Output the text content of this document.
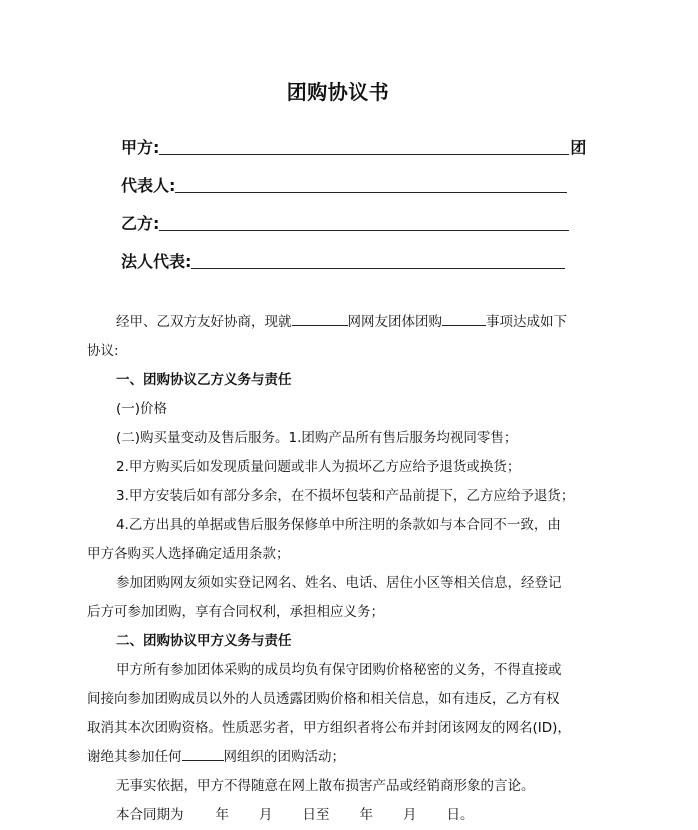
团购协议书
甲方:	团
代表人:
乙方:
法人代表:
经甲、乙双方友好协商，现就	网网友团体团购	事项达成如下
协议:
一、团购协议乙方义务与责任
(一)价格
(二)购买量变动及售后服务。1.团购产品所有售后服务均视同零售；
2.甲方购买后如发现质量问题或非人为损坏乙方应给予退货或换货；
3.甲方安装后如有部分多余，在不损坏包装和产品前提下，乙方应给予退货；
4.乙方出具的单据或售后服务保修单中所注明的条款如与本合同不一致，由
甲方各购买人选择确定适用条款；
参加团购网友须如实登记网名、姓名、电话、居住小区等相关信息，经登记
后方可参加团购，享有合同权利，承担相应义务；
二、团购协议甲方义务与责任
甲方所有参加团体采购的成员均负有保守团购价格秘密的义务，不得直接或
间接向参加团购成员以外的人员透露团购价格和相关信息，如有违反，乙方有权
取消其本次团购资格。性质恶劣者，甲方组织者将公布并封闭该网友的网名(ID)，
谢绝其参加任何	网组织的团购活动；
无事实依据，甲方不得随意在网上散布损害产品或经销商形象的言论。
本合同期为 年 月 日至 年 月 日。
